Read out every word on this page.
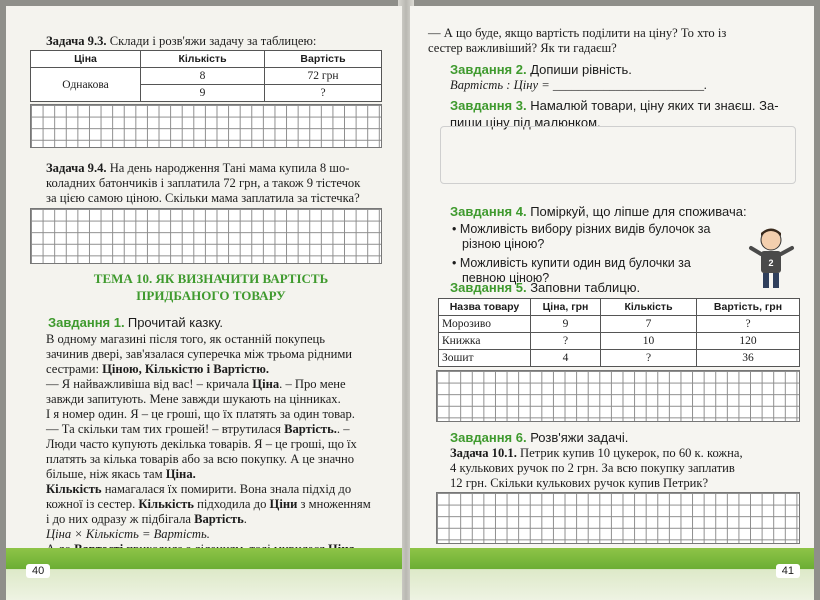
Задача 9.3. Склади і розв'яжи задачу за таблицею:
Ціна	Кількість	Вартість
Однакова	8	72 грн
	9	?
Задача 9.4. На день народження Тані мама купила 8 шо-
коладних батончиків і заплатила 72 грн, а також 9 тістечок
за цією самою ціною. Скільки мама заплатила за тістечка?
ТЕМА 10. ЯК ВИЗНАЧИТИ ВАРТІСТЬ
ПРИДБАНОГО ТОВАРУ
Завдання 1. Прочитай казку.
В одному магазині після того, як останній покупець
зачинив двері, зав'язалася суперечка між трьома рідними
сестрами: Ціною, Кількістю і Вартістю.
— Я найважливіша від вас! – кричала Ціна. – Про мене
завжди запитують. Мене завжди шукають на цінниках.
І я номер один. Я – це гроші, що їх платять за один товар.
— Та скільки там тих грошей! – втрутилася Вартість.. –
Люди часто купують декілька товарів. Я – це гроші, що їх
платять за кілька товарів або за всю покупку. А це значно
більше, ніж якась там Ціна.
Кількість намагалася їх помирити. Вона знала підхід до
кожної із сестер. Кількість підходила до Ціни з множенням
і до них одразу ж підбігала Вартість.
Ціна × Кількість = Вартість.
40
— А що буде, якщо вартість поділити на ціну? То хто із
сестер важливіший? Як ти гадаєш?
Завдання 2. Допиши рівність.
Вартість : Ціну = ________________________.
Завдання 3. Намалюй товари, ціну яких ти знаєш. За-
пиши ціну під малюнком.
Завдання 4. Поміркуй, що ліпше для споживача:
• Можливість вибору різних видів булочок за
різною ціною?
• Можливість купити один вид булочки за
певною ціною?
2
Завдання 5. Заповни таблицю.
Назва товару	Ціна, грн	Кількість	Вартість, грн
Морозиво	9	7	?
Книжка	?	10	120
Зошит	4	?	36
Завдання 6. Розв'яжи задачі.
Задача 10.1. Петрик купив 10 цукерок, по 60 к. кожна,
4 кулькових ручок по 2 грн. За всю покупку заплатив
12 грн. Скільки кулькових ручок купив Петрик?
41
